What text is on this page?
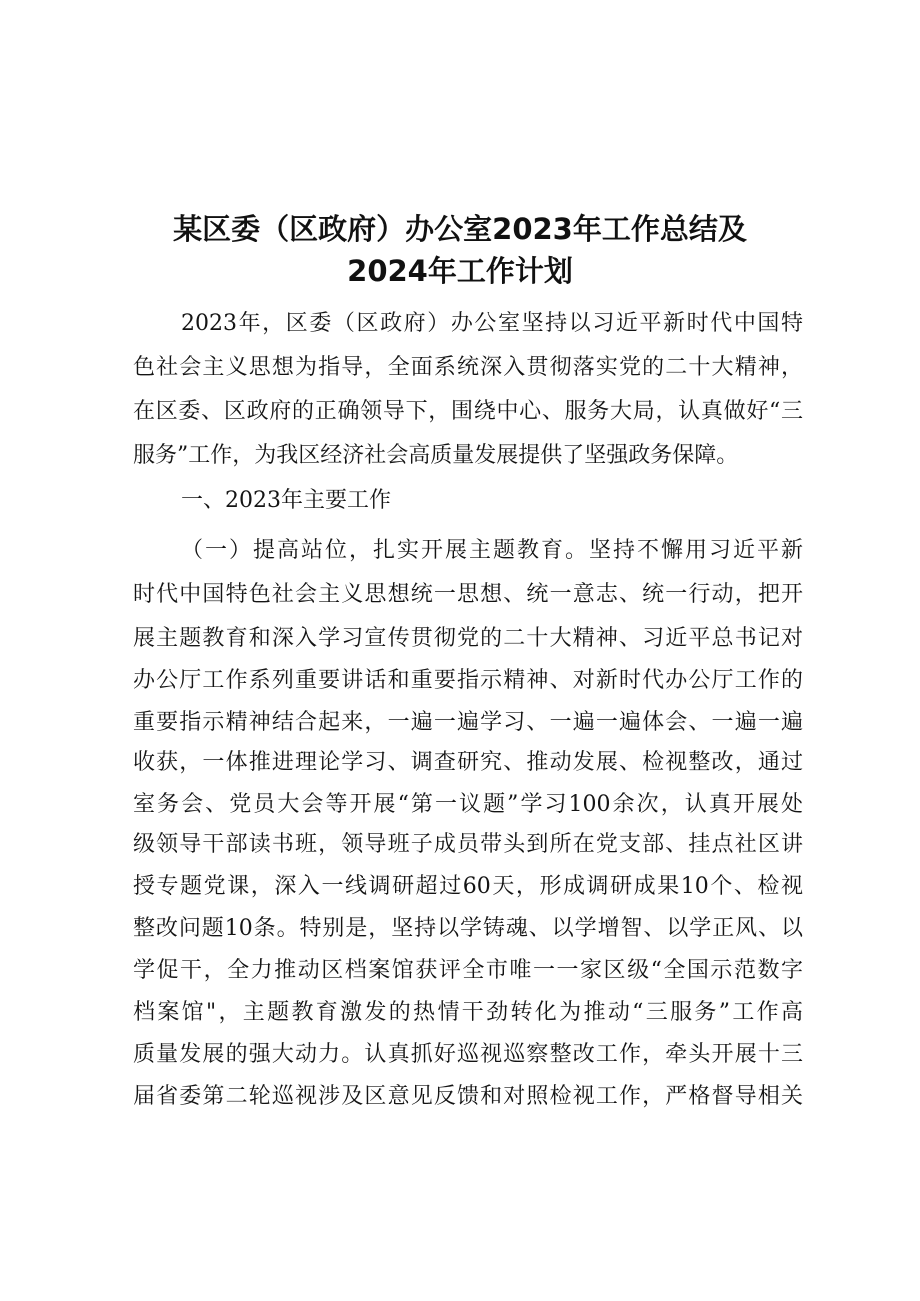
某区委（区政府）办公室2023年工作总结及
2024年工作计划
2023年，区委（区政府）办公室坚持以习近平新时代中国特
色社会主义思想为指导，全面系统深入贯彻落实党的二十大精神，
在区委、区政府的正确领导下，围绕中心、服务大局，认真做好“三
服务”工作，为我区经济社会高质量发展提供了坚强政务保障。
一、2023年主要工作
（一）提高站位，扎实开展主题教育。坚持不懈用习近平新
时代中国特色社会主义思想统一思想、统一意志、统一行动，把开
展主题教育和深入学习宣传贯彻党的二十大精神、习近平总书记对
办公厅工作系列重要讲话和重要指示精神、对新时代办公厅工作的
重要指示精神结合起来，一遍一遍学习、一遍一遍体会、一遍一遍
收获，一体推进理论学习、调查研究、推动发展、检视整改，通过
室务会、党员大会等开展“第一议题”学习100余次，认真开展处
级领导干部读书班，领导班子成员带头到所在党支部、挂点社区讲
授专题党课，深入一线调研超过60天，形成调研成果10个、检视
整改问题10条。特别是，坚持以学铸魂、以学增智、以学正风、以
学促干，全力推动区档案馆获评全市唯一一家区级“全国示范数字
档案馆"，主题教育激发的热情干劲转化为推动“三服务”工作高
质量发展的强大动力。认真抓好巡视巡察整改工作，牵头开展十三
届省委第二轮巡视涉及区意见反馈和对照检视工作，严格督导相关
